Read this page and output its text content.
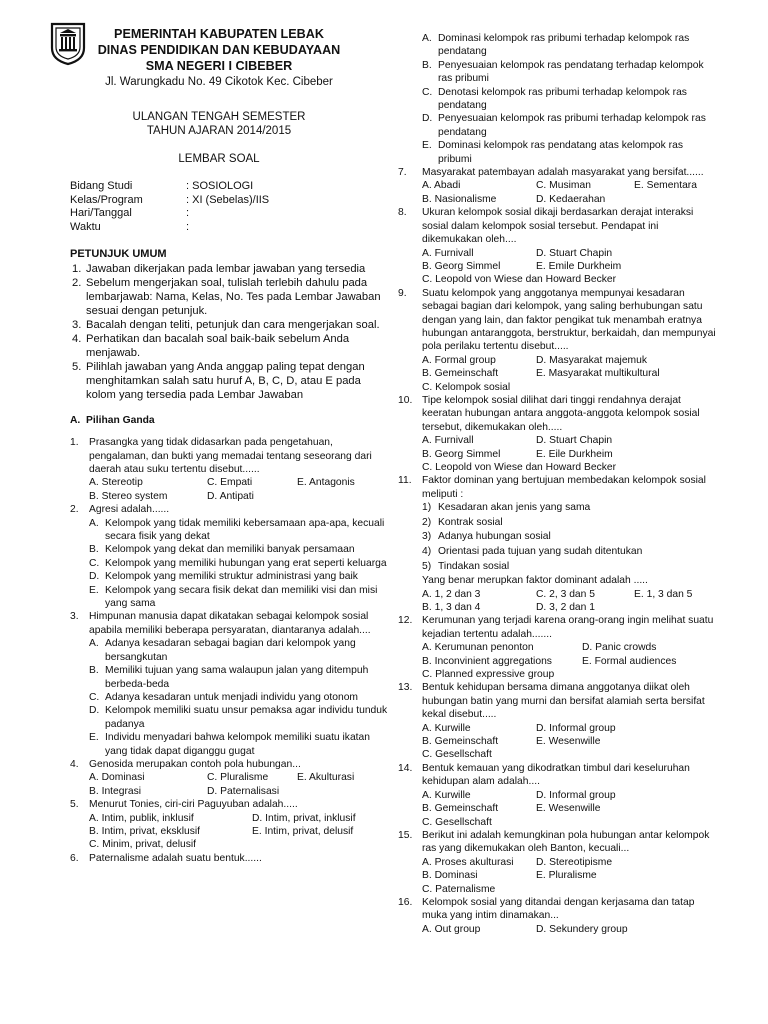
PEMERINTAH KABUPATEN LEBAK
DINAS PENDIDIKAN DAN KEBUDAYAAN
SMA NEGERI I CIBEBER
Jl. Warungkadu No. 49 Cikotok Kec. Cibeber
ULANGAN TENGAH SEMESTER
TAHUN AJARAN 2014/2015
LEMBAR SOAL
Bidang Studi	: SOSIOLOGI
Kelas/Program	: XI (Sebelas)/IIS
Hari/Tanggal	:
Waktu	:
PETUNJUK UMUM
1. Jawaban dikerjakan pada lembar jawaban yang tersedia
2. Sebelum mengerjakan soal, tulislah terlebih dahulu pada lembarjawab: Nama, Kelas, No. Tes pada Lembar Jawaban sesuai dengan petunjuk.
3. Bacalah dengan teliti, petunjuk dan cara mengerjakan soal.
4. Perhatikan dan bacalah soal baik-baik sebelum Anda menjawab.
5. Pilihlah jawaban yang Anda anggap paling tepat dengan menghitamkan salah satu huruf A, B, C, D, atau E pada kolom yang tersedia pada Lembar Jawaban
A. Pilihan Ganda
1.	Prasangka yang tidak didasarkan pada pengetahuan, pengalaman, dan bukti yang memadai tentang seseorang dari daerah atau suku tertentu disebut......
A. Stereotip	C. Empati	E. Antagonis
B. Stereo system	D. Antipati
2.	Agresi adalah......
A. Kelompok yang tidak memiliki kebersamaan apa-apa, kecuali secara fisik yang dekat
B. Kelompok yang dekat dan memiliki banyak persamaan
C. Kelompok yang memiliki hubungan yang erat seperti keluarga
D. Kelompok yang memiliki struktur administrasi yang baik
E. Kelompok yang secara fisik dekat dan memiliki visi dan misi yang sama
3.	Himpunan manusia dapat dikatakan sebagai kelompok sosial apabila memiliki beberapa persyaratan, diantaranya adalah....
A. Adanya kesadaran sebagai bagian dari kelompok yang bersangkutan
B. Memiliki tujuan yang sama walaupun jalan yang ditempuh berbeda-beda
C. Adanya kesadaran untuk menjadi individu yang otonom
D. Kelompok memiliki suatu unsur pemaksa agar individu tunduk padanya
E. Individu menyadari bahwa kelompok memiliki suatu ikatan yang tidak dapat diganggu gugat
4.	Genosida merupakan contoh pola hubungan...
A. Dominasi	C. Pluralisme	E. Akulturasi
B. Integrasi	D. Paternalisasi
5.	Menurut Tonies, ciri-ciri Paguyuban adalah.....
A. Intim, publik, inklusif	D. Intim, privat, inklusif
B. Intim, privat, eksklusif	E. Intim, privat, delusif
C. Minim, privat, delusif
6.	Paternalisme adalah suatu bentuk......
A. Dominasi kelompok ras pribumi terhadap kelompok ras pendatang
B. Penyesuaian kelompok ras pendatang terhadap kelompok ras pribumi
C. Denotasi kelompok ras pribumi terhadap kelompok ras pendatang
D. Penyesuaian kelompok ras pribumi terhadap kelompok ras pendatang
E. Dominasi kelompok ras pendatang atas kelompok ras pribumi
7.	Masyarakat patembayan adalah masyarakat yang bersifat......
A. Abadi	C. Musiman	E. Sementara
B. Nasionalisme	D. Kedaerahan
8.	Ukuran kelompok sosial dikaji berdasarkan derajat interaksi sosial dalam kelompok sosial tersebut. Pendapat ini dikemukakan oleh....
A. Furnivall	D. Stuart Chapin
B. Georg Simmel	E. Emile Durkheim
C. Leopold von Wiese dan Howard Becker
9.	Suatu kelompok yang anggotanya mempunyai kesadaran sebagai bagian dari kelompok, yang saling berhubungan satu dengan yang lain, dan faktor pengikat tuk menambah eratnya hubungan antaranggota, berstruktur, berkaidah, dan mempunyai pola perilaku tertentu disebut.....
A. Formal group	D. Masyarakat majemuk
B. Gemeinschaft	E. Masyarakat multikultural
C. Kelompok sosial
10. Tipe kelompok sosial dilihat dari tinggi rendahnya derajat keeratan hubungan antara anggota-anggota kelompok sosial tersebut, dikemukakan oleh.....
A. Furnivall	D. Stuart Chapin
B. Georg Simmel	E. Eile Durkheim
C. Leopold von Wiese dan Howard Becker
11.	Faktor dominan yang bertujuan membedakan kelompok sosial meliputi :
1) Kesadaran akan jenis yang sama
2) Kontrak sosial
3) Adanya hubungan sosial
4) Orientasi pada tujuan yang sudah ditentukan
5) Tindakan sosial
Yang benar merupkan faktor dominant adalah .....
A. 1, 2 dan 3	C. 2, 3 dan 5	E. 1, 3 dan 5
B. 1, 3 dan 4	D. 3, 2 dan 1
12. Kerumunan yang terjadi karena orang-orang ingin melihat suatu kejadian tertentu adalah.......
A. Kerumunan penonton	D. Panic crowds
B. Inconvinient aggregations	E. Formal audiences
C. Planned expressive group
13. Bentuk kehidupan bersama dimana anggotanya diikat oleh hubungan batin yang murni dan bersifat alamiah serta bersifat kekal disebut.....
A. Kurwille	D. Informal group
B. Gemeinschaft	E. Wesenwille
C. Gesellschaft
14. Bentuk kemauan yang dikodratkan timbul dari keseluruhan kehidupan alam adalah....
A. Kurwille	D. Informal group
B. Gemeinschaft	E. Wesenwille
C. Gesellschaft
15. Berikut ini adalah kemungkinan pola hubungan antar kelompok ras yang dikemukakan oleh Banton, kecuali...
A. Proses akulturasi	D. Stereotipisme
B. Dominasi	E. Pluralisme
C. Paternalisme
16. Kelompok sosial yang ditandai dengan kerjasama dan tatap muka yang intim dinamakan...
A. Out group	D. Sekundery group
